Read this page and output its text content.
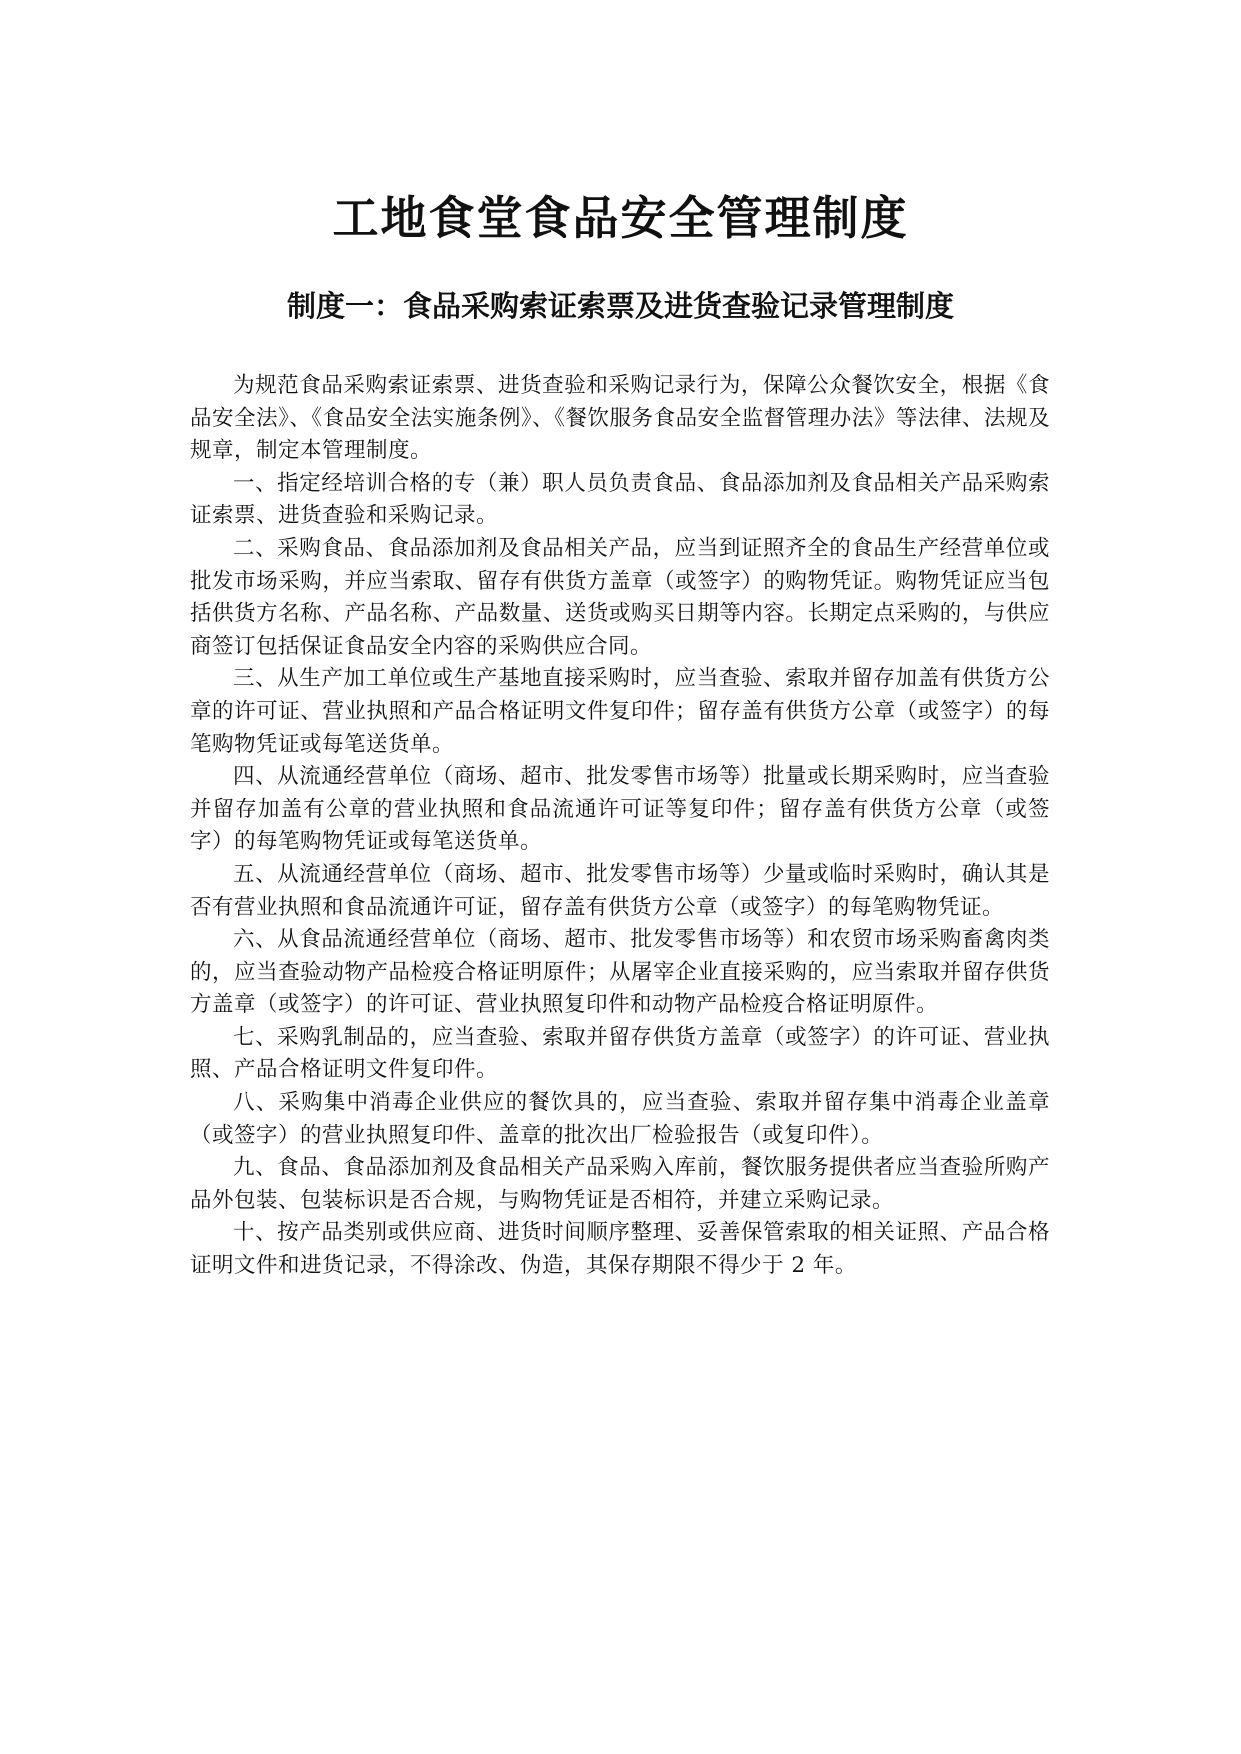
工地食堂食品安全管理制度
制度一：食品采购索证索票及进货查验记录管理制度

为规范食品采购索证索票、进货查验和采购记录行为，保障公众餐饮安全，根据《食品安全法》、《食品安全法实施条例》、《餐饮服务食品安全监督管理办法》等法律、法规及规章，制定本管理制度。

一、指定经培训合格的专（兼）职人员负责食品、食品添加剂及食品相关产品采购索证索票、进货查验和采购记录。

二、采购食品、食品添加剂及食品相关产品，应当到证照齐全的食品生产经营单位或批发市场采购，并应当索取、留存有供货方盖章（或签字）的购物凭证。购物凭证应当包括供货方名称、产品名称、产品数量、送货或购买日期等内容。长期定点采购的，与供应商签订包括保证食品安全内容的采购供应合同。

三、从生产加工单位或生产基地直接采购时，应当查验、索取并留存加盖有供货方公章的许可证、营业执照和产品合格证明文件复印件；留存盖有供货方公章（或签字）的每笔购物凭证或每笔送货单。

四、从流通经营单位（商场、超市、批发零售市场等）批量或长期采购时，应当查验并留存加盖有公章的营业执照和食品流通许可证等复印件；留存盖有供货方公章（或签字）的每笔购物凭证或每笔送货单。

五、从流通经营单位（商场、超市、批发零售市场等）少量或临时采购时，确认其是否有营业执照和食品流通许可证，留存盖有供货方公章（或签字）的每笔购物凭证。

六、从食品流通经营单位（商场、超市、批发零售市场等）和农贸市场采购畜禽肉类的，应当查验动物产品检疫合格证明原件；从屠宰企业直接采购的，应当索取并留存供货方盖章（或签字）的许可证、营业执照复印件和动物产品检疫合格证明原件。

七、采购乳制品的，应当查验、索取并留存供货方盖章（或签字）的许可证、营业执照、产品合格证明文件复印件。

八、采购集中消毒企业供应的餐饮具的，应当查验、索取并留存集中消毒企业盖章（或签字）的营业执照复印件、盖章的批次出厂检验报告（或复印件）。

九、食品、食品添加剂及食品相关产品采购入库前，餐饮服务提供者应当查验所购产品外包装、包装标识是否合规，与购物凭证是否相符，并建立采购记录。

十、按产品类别或供应商、进货时间顺序整理、妥善保管索取的相关证照、产品合格证明文件和进货记录，不得涂改、伪造，其保存期限不得少于 2 年。
